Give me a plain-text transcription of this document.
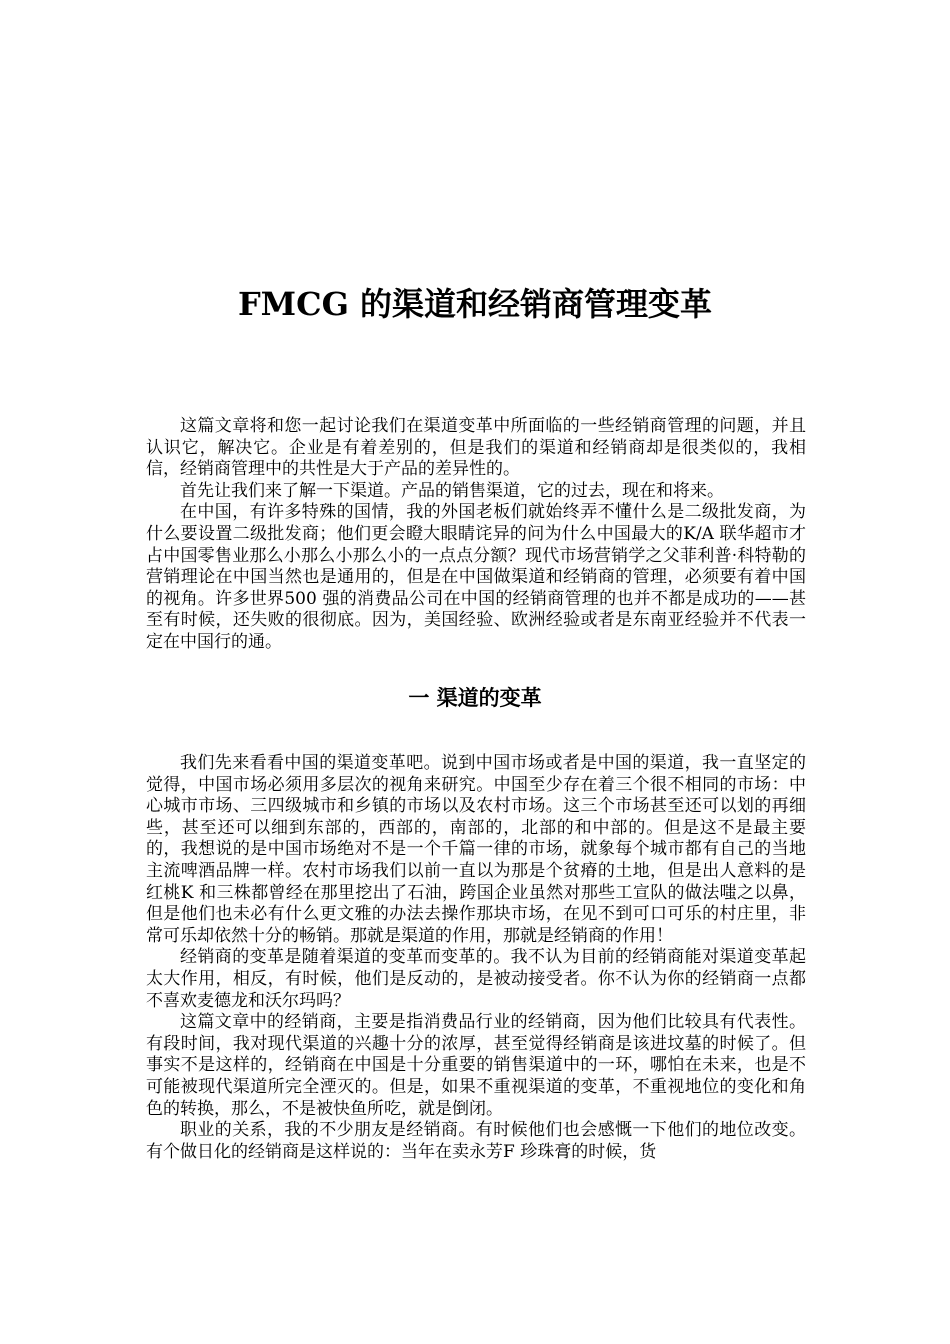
FMCG 的渠道和经销商管理变革

这篇文章将和您一起讨论我们在渠道变革中所面临的一些经销商管理的问题，并且认识它，解决它。企业是有着差别的，但是我们的渠道和经销商却是很类似的，我相信，经销商管理中的共性是大于产品的差异性的。

首先让我们来了解一下渠道。产品的销售渠道，它的过去，现在和将来。

在中国，有许多特殊的国情，我的外国老板们就始终弄不懂什么是二级批发商，为什么要设置二级批发商；他们更会瞪大眼睛诧异的问为什么中国最大的K/A 联华超市才占中国零售业那么小那么小那么小的一点点分额？现代市场营销学之父菲利普·科特勒的营销理论在中国当然也是通用的，但是在中国做渠道和经销商的管理，必须要有着中国的视角。许多世界500 强的消费品公司在中国的经销商管理的也并不都是成功的——甚至有时候，还失败的很彻底。因为，美国经验、欧洲经验或者是东南亚经验并不代表一定在中国行的通。

一 渠道的变革

我们先来看看中国的渠道变革吧。说到中国市场或者是中国的渠道，我一直坚定的觉得，中国市场必须用多层次的视角来研究。中国至少存在着三个很不相同的市场：中心城市市场、三四级城市和乡镇的市场以及农村市场。这三个市场甚至还可以划的再细些，甚至还可以细到东部的，西部的，南部的，北部的和中部的。但是这不是最主要的，我想说的是中国市场绝对不是一个千篇一律的市场，就象每个城市都有自己的当地主流啤酒品牌一样。农村市场我们以前一直以为那是个贫瘠的土地，但是出人意料的是红桃K 和三株都曾经在那里挖出了石油，跨国企业虽然对那些工宣队的做法嗤之以鼻，但是他们也未必有什么更文雅的办法去操作那块市场，在见不到可口可乐的村庄里，非常可乐却依然十分的畅销。那就是渠道的作用，那就是经销商的作用！

经销商的变革是随着渠道的变革而变革的。我不认为目前的经销商能对渠道变革起太大作用，相反，有时候，他们是反动的，是被动接受者。你不认为你的经销商一点都不喜欢麦德龙和沃尔玛吗？

这篇文章中的经销商，主要是指消费品行业的经销商，因为他们比较具有代表性。有段时间，我对现代渠道的兴趣十分的浓厚，甚至觉得经销商是该进坟墓的时候了。但事实不是这样的，经销商在中国是十分重要的销售渠道中的一环，哪怕在未来，也是不可能被现代渠道所完全湮灭的。但是，如果不重视渠道的变革，不重视地位的变化和角色的转换，那么，不是被快鱼所吃，就是倒闭。

职业的关系，我的不少朋友是经销商。有时候他们也会感慨一下他们的地位改变。有个做日化的经销商是这样说的：当年在卖永芳F 珍珠膏的时候，货
